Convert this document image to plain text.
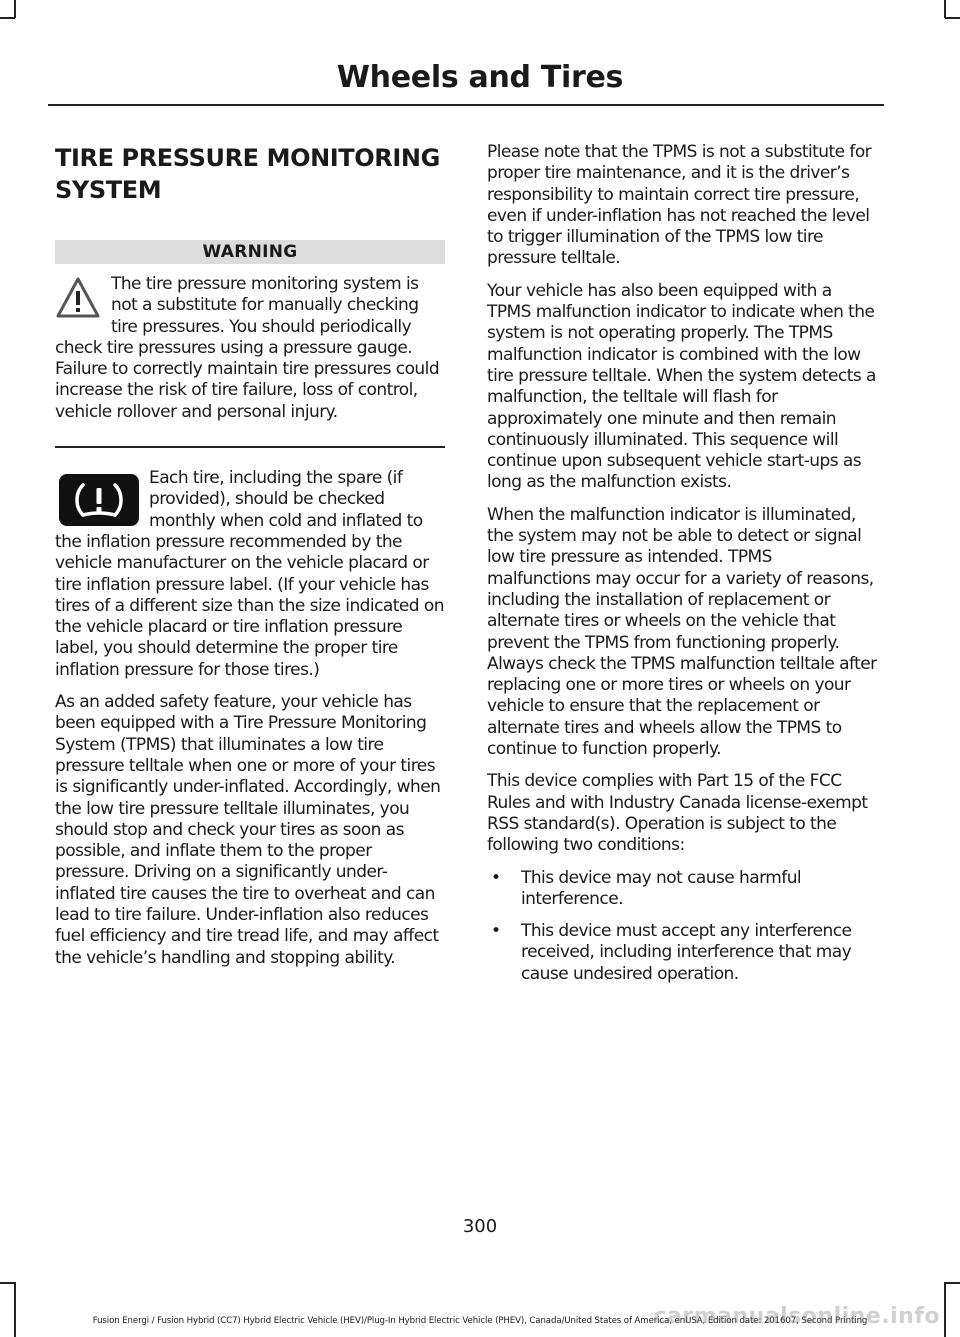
Wheels and Tires
TIRE PRESSURE MONITORING SYSTEM
WARNING

The tire pressure monitoring system is not a substitute for manually checking tire pressures. You should periodically check tire pressures using a pressure gauge. Failure to correctly maintain tire pressures could increase the risk of tire failure, loss of control, vehicle rollover and personal injury.

Each tire, including the spare (if provided), should be checked monthly when cold and inflated to the inflation pressure recommended by the vehicle manufacturer on the vehicle placard or tire inflation pressure label. (If your vehicle has tires of a different size than the size indicated on the vehicle placard or tire inflation pressure label, you should determine the proper tire inflation pressure for those tires.)

As an added safety feature, your vehicle has been equipped with a Tire Pressure Monitoring System (TPMS) that illuminates a low tire pressure telltale when one or more of your tires is significantly under-inflated. Accordingly, when the low tire pressure telltale illuminates, you should stop and check your tires as soon as possible, and inflate them to the proper pressure. Driving on a significantly under-inflated tire causes the tire to overheat and can lead to tire failure. Under-inflation also reduces fuel efficiency and tire tread life, and may affect the vehicle’s handling and stopping ability.

Please note that the TPMS is not a substitute for proper tire maintenance, and it is the driver’s responsibility to maintain correct tire pressure, even if under-inflation has not reached the level to trigger illumination of the TPMS low tire pressure telltale.

Your vehicle has also been equipped with a TPMS malfunction indicator to indicate when the system is not operating properly. The TPMS malfunction indicator is combined with the low tire pressure telltale. When the system detects a malfunction, the telltale will flash for approximately one minute and then remain continuously illuminated. This sequence will continue upon subsequent vehicle start-ups as long as the malfunction exists.

When the malfunction indicator is illuminated, the system may not be able to detect or signal low tire pressure as intended. TPMS malfunctions may occur for a variety of reasons, including the installation of replacement or alternate tires or wheels on the vehicle that prevent the TPMS from functioning properly. Always check the TPMS malfunction telltale after replacing one or more tires or wheels on your vehicle to ensure that the replacement or alternate tires and wheels allow the TPMS to continue to function properly.

This device complies with Part 15 of the FCC Rules and with Industry Canada license-exempt RSS standard(s). Operation is subject to the following two conditions:

• This device may not cause harmful interference.
• This device must accept any interference received, including interference that may cause undesired operation.
300
Fusion Energi / Fusion Hybrid (CC7) Hybrid Electric Vehicle (HEV)/Plug-In Hybrid Electric Vehicle (PHEV), Canada/United States of America, enUSA, Edition date: 201607, Second Printing
carmanualsonline.info
